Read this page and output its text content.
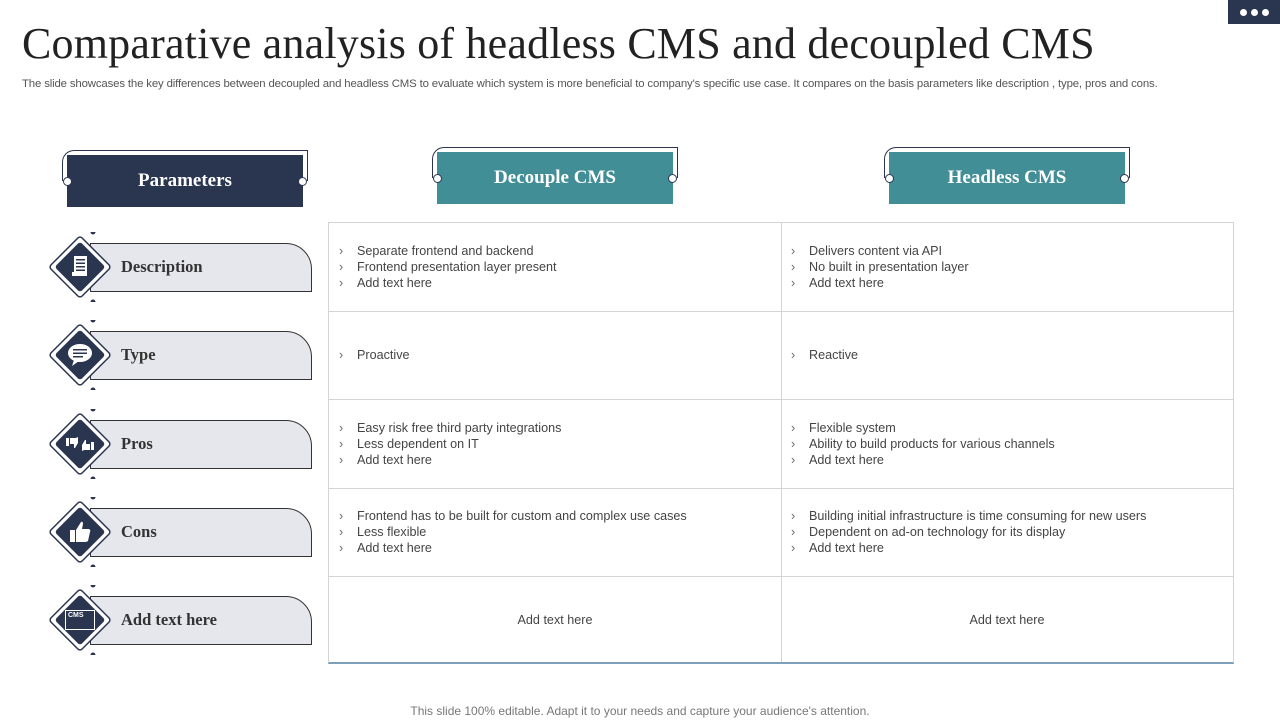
Comparative analysis of headless CMS and decoupled CMS
The slide showcases the key differences between decoupled and headless CMS to evaluate which system is more beneficial to company's specific use case. It compares on the basis parameters like description , type, pros and cons.
Parameters	Decouple CMS	Headless CMS
Description
Type
Pros
Cons
CMS Add text here
› Separate frontend and backend
› Frontend presentation layer present
› Add text here
› Delivers content via API
› No built in presentation layer
› Add text here
› Proactive
›	Reactive
› Easy risk free third party integrations
› Less dependent on IT
› Add text here
› Flexible system
› Ability to build products for various channels
› Add text here
› Frontend has to be built for custom and complex use cases
› Less flexible
› Add text here
› Building initial infrastructure is time consuming for new users
› Dependent on ad-on technology for its display
› Add text here
Add text here	Add text here
This slide 100% editable. Adapt it to your needs and capture your audience's attention.
